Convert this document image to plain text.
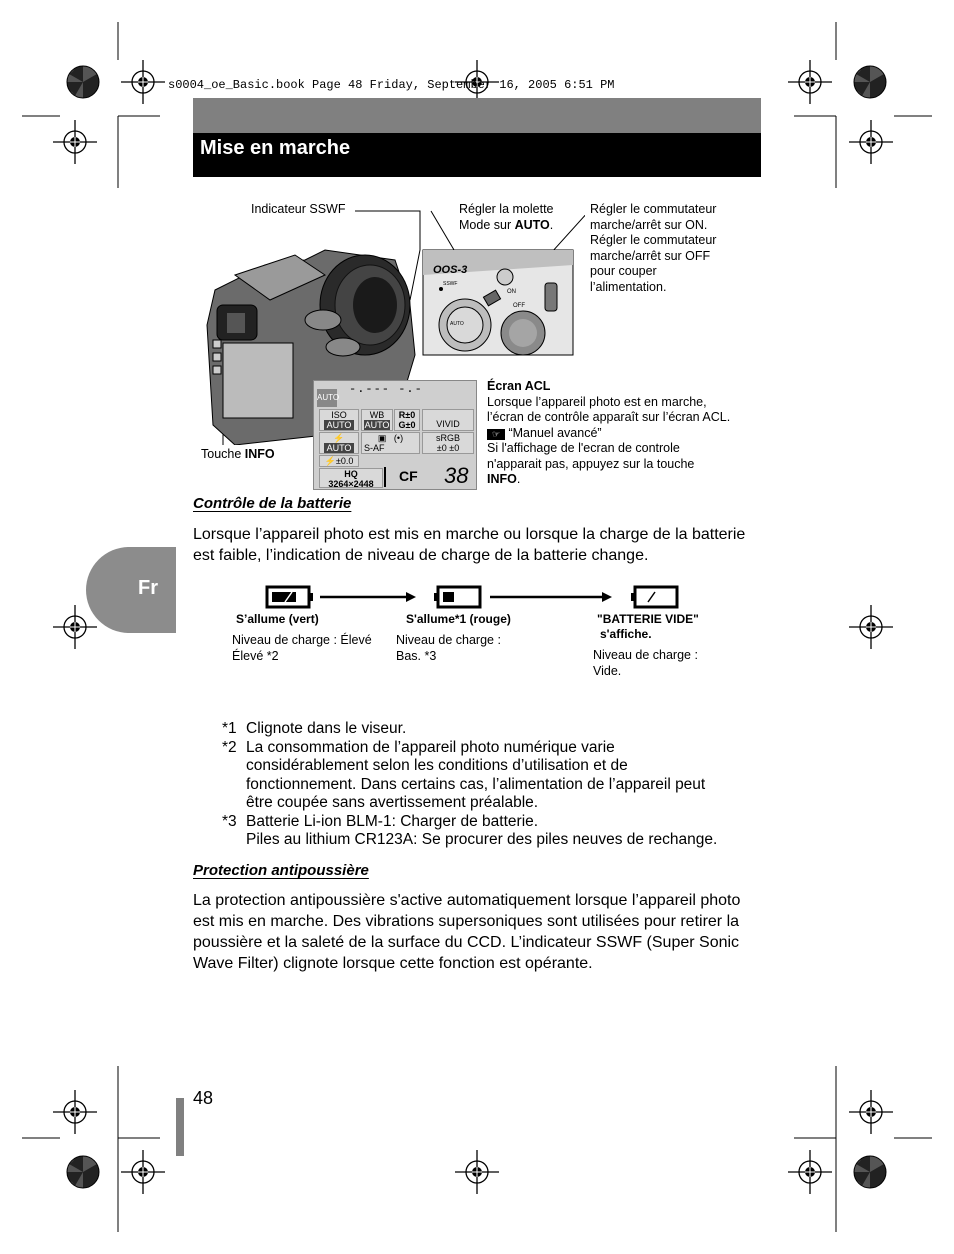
s0004_oe_Basic.book Page 48 Friday, September 16, 2005 6:51 PM
Mise en marche
Fr
Indicateur SSWF	Régler la molette
Mode sur AUTO.
Régler le commutateur
marche/arrêt sur ON.
Régler le commutateur
marche/arrêt sur OFF
pour couper
l’alimentation.
Touche INFO
OOS-3
SSWF
AUTO
ON
OFF
-.--- -.-
AUTO
ISO
AUTO
WB
AUTO
R±0
G±0	VIVID
⚡
AUTO
▣   (•)
S-AF
sRGB
±0 ±0
⚡±0.0
HQ
3264×2448	CF 38
Écran ACL
Lorsque l’appareil photo est en marche,
l’écran de contrôle apparaît sur l’écran ACL.
☞ “Manuel avancé”
Si l'affichage de l'ecran de controle
n'apparait pas, appuyez sur la touche
INFO.
Contrôle de la batterie
Lorsque l’appareil photo est mis en marche ou lorsque la charge de la batterie
est faible, l’indication de niveau de charge de la batterie change.
S’allume (vert)
Niveau de charge : Élevé
Élevé *2
S'allume*1 (rouge)
Niveau de charge :
Bas. *3
"BATTERIE VIDE"
s'affiche.
Niveau de charge :
Vide.
*1 Clignote dans le viseur.
*2 La consommation de l’appareil photo numérique varie
considérablement selon les conditions d’utilisation et de
fonctionnement. Dans certains cas, l’alimentation de l’appareil peut
être coupée sans avertissement préalable.
*3 Batterie Li-ion BLM-1: Charger de batterie.
Piles au lithium CR123A: Se procurer des piles neuves de rechange.
Protection antipoussière
La protection antipoussière s'active automatiquement lorsque l’appareil photo
est mis en marche. Des vibrations supersoniques sont utilisées pour retirer la
poussière et la saleté de la surface du CCD. L’indicateur SSWF (Super Sonic
Wave Filter) clignote lorsque cette fonction est opérante.
48
